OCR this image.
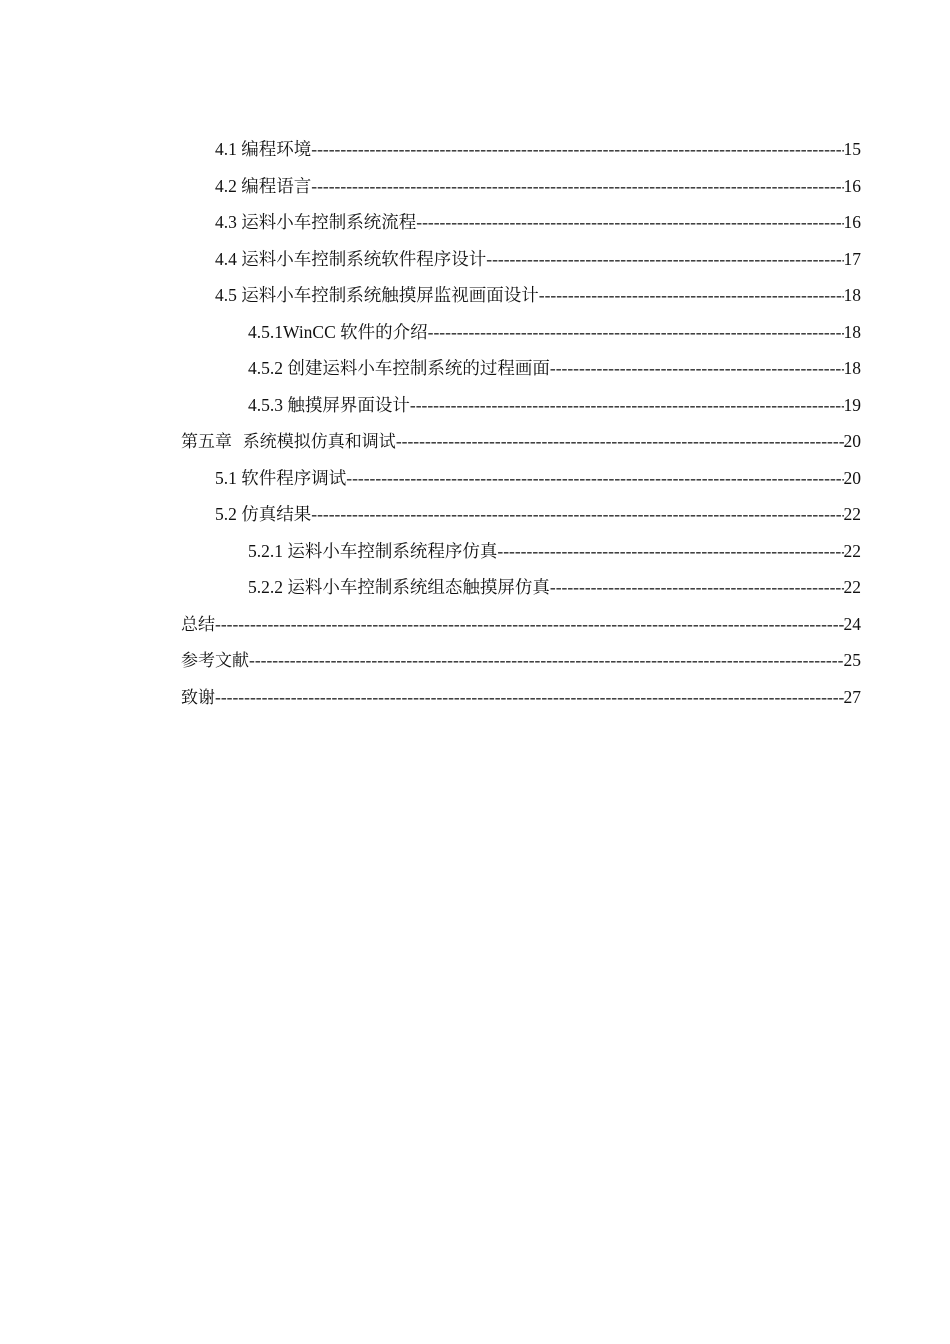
4.1 编程环境 -----	15
4.2 编程语言 -----	16
4.3 运料小车控制系统流程 -----	16
4.4 运料小车控制系统软件程序设计 -----	17
4.5 运料小车控制系统触摸屏监视画面设计 -----	18
4.5.1WinCC 软件的介绍 -----	18
4.5.2 创建运料小车控制系统的过程画面 -----	18
4.5.3 触摸屏界面设计 -----	19
第五章  系统模拟仿真和调试 -----	20
5.1 软件程序调试 -----	20
5.2 仿真结果 -----	22
5.2.1 运料小车控制系统程序仿真 -----	22
5.2.2 运料小车控制系统组态触摸屏仿真 -----	22
总结 -----	24
参考文献 -----	25
致谢 -----	27
